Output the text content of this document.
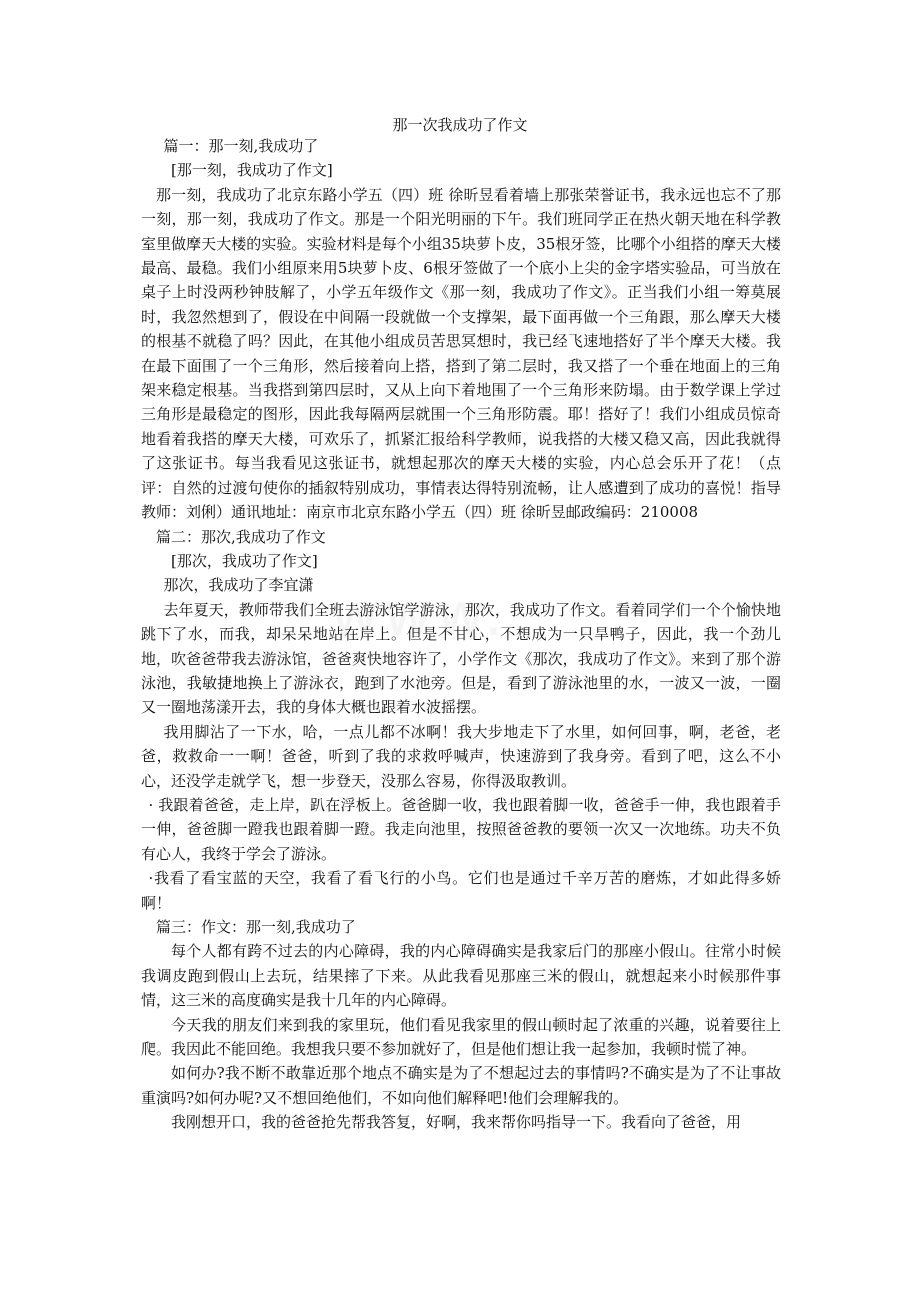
那一次我成功了作文

篇一：那一刻,我成功了

[那一刻，我成功了作文]

那一刻，我成功了北京东路小学五（四）班 徐昕昱看着墙上那张荣誉证书，我永远也忘不了那一刻，那一刻，我成功了作文。那是一个阳光明丽的下午。我们班同学正在热火朝天地在科学教室里做摩天大楼的实验。实验材料是每个小组35块萝卜皮，35根牙签，比哪个小组搭的摩天大楼最高、最稳。我们小组原来用5块萝卜皮、6根牙签做了一个底小上尖的金字塔实验品，可当放在桌子上时没两秒钟肢解了，小学五年级作文《那一刻，我成功了作文》。正当我们小组一筹莫展时，我忽然想到了，假设在中间隔一段就做一个支撑架，最下面再做一个三角跟，那么摩天大楼的根基不就稳了吗？因此，在其他小组成员苦思冥想时，我已经飞速地搭好了半个摩天大楼。我在最下面围了一个三角形，然后接着向上搭，搭到了第二层时，我又搭了一个垂在地面上的三角架来稳定根基。当我搭到第四层时，又从上向下着地围了一个三角形来防塌。由于数学课上学过三角形是最稳定的图形，因此我每隔两层就围一个三角形防震。耶！搭好了！我们小组成员惊奇地看着我搭的摩天大楼，可欢乐了，抓紧汇报给科学教师，说我搭的大楼又稳又高，因此我就得了这张证书。每当我看见这张证书，就想起那次的摩天大楼的实验，内心总会乐开了花！（点评：自然的过渡句使你的插叙特别成功，事情表达得特别流畅，让人感遭到了成功的喜悦！指导教师：刘俐）通讯地址：南京市北京东路小学五（四）班 徐昕昱邮政编码：210008

篇二：那次,我成功了作文

[那次，我成功了作文]

那次，我成功了李宜潇

去年夏天，教师带我们全班去游泳馆学游泳，那次，我成功了作文。看着同学们一个个愉快地跳下了水，而我，却呆呆地站在岸上。但是不甘心，不想成为一只旱鸭子，因此，我一个劲儿地，吹爸爸带我去游泳馆，爸爸爽快地容许了，小学作文《那次，我成功了作文》。来到了那个游泳池，我敏捷地换上了游泳衣，跑到了水池旁。但是，看到了游泳池里的水，一波又一波，一圈又一圈地荡漾开去，我的身体大概也跟着水波摇摆。

我用脚沾了一下水，哈，一点儿都不冰啊！我大步地走下了水里，如何回事，啊，老爸，老爸，救救命一一啊！爸爸，听到了我的求救呼喊声，快速游到了我身旁。看到了吧，这么不小心，还没学走就学飞，想一步登天，没那么容易，你得汲取教训。

· 我跟着爸爸，走上岸，趴在浮板上。爸爸脚一收，我也跟着脚一收，爸爸手一伸，我也跟着手一伸，爸爸脚一蹬我也跟着脚一蹬。我走向池里，按照爸爸教的要领一次又一次地练。功夫不负有心人，我终于学会了游泳。

·我看了看宝蓝的天空，我看了看飞行的小鸟。它们也是通过千辛万苦的磨炼，才如此得多娇啊！

篇三：作文：那一刻,我成功了

每个人都有跨不过去的内心障碍，我的内心障碍确实是我家后门的那座小假山。往常小时候我调皮跑到假山上去玩，结果摔了下来。从此我看见那座三米的假山，就想起来小时候那件事情，这三米的高度确实是我十几年的内心障碍。

今天我的朋友们来到我的家里玩，他们看见我家里的假山顿时起了浓重的兴趣，说着要往上爬。我因此不能回绝。我想我只要不参加就好了，但是他们想让我一起参加，我顿时慌了神。

如何办?我不断不敢靠近那个地点不确实是为了不想起过去的事情吗?不确实是为了不让事故重演吗?如何办呢?又不想回绝他们，不如向他们解释吧!他们会理解我的。

我刚想开口，我的爸爸抢先帮我答复，好啊，我来帮你吗指导一下。我看向了爸爸，用
